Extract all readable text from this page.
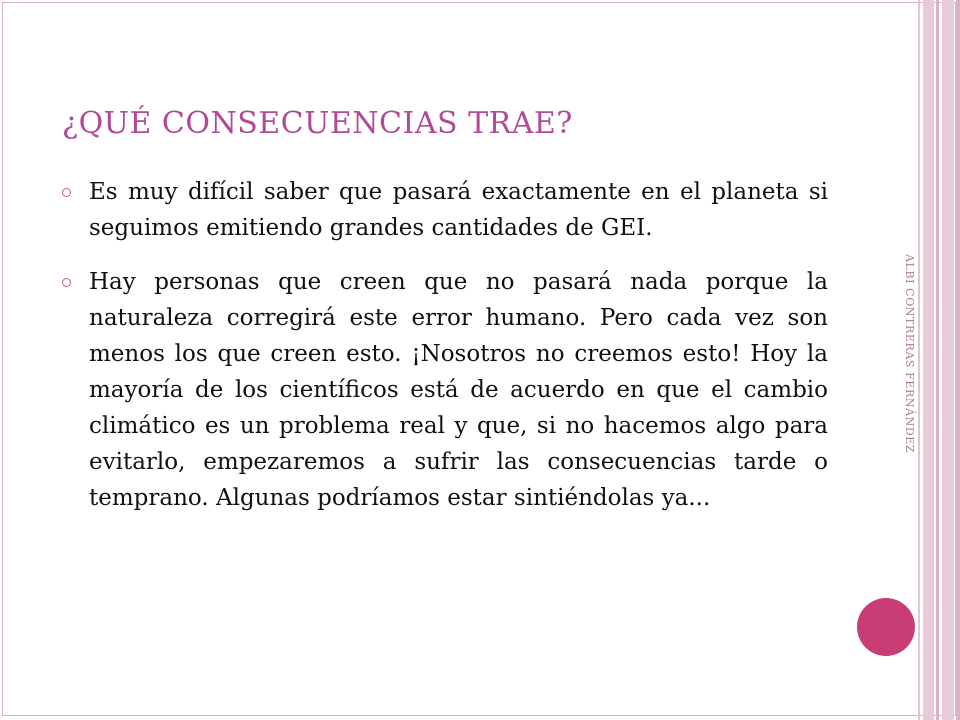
¿QUÉ CONSECUENCIAS TRAE?

Es muy difícil saber que pasará exactamente en el planeta si seguimos emitiendo grandes cantidades de GEI.

Hay personas que creen que no pasará nada porque la naturaleza corregirá este error humano. Pero cada vez son menos los que creen esto. ¡Nosotros no creemos esto! Hoy la mayoría de los científicos está de acuerdo en que el cambio climático es un problema real y que, si no hacemos algo para evitarlo, empezaremos a sufrir las consecuencias tarde o temprano. Algunas podríamos estar sintiéndolas ya...

ALBI CONTRERAS FERNÁNDEZ
